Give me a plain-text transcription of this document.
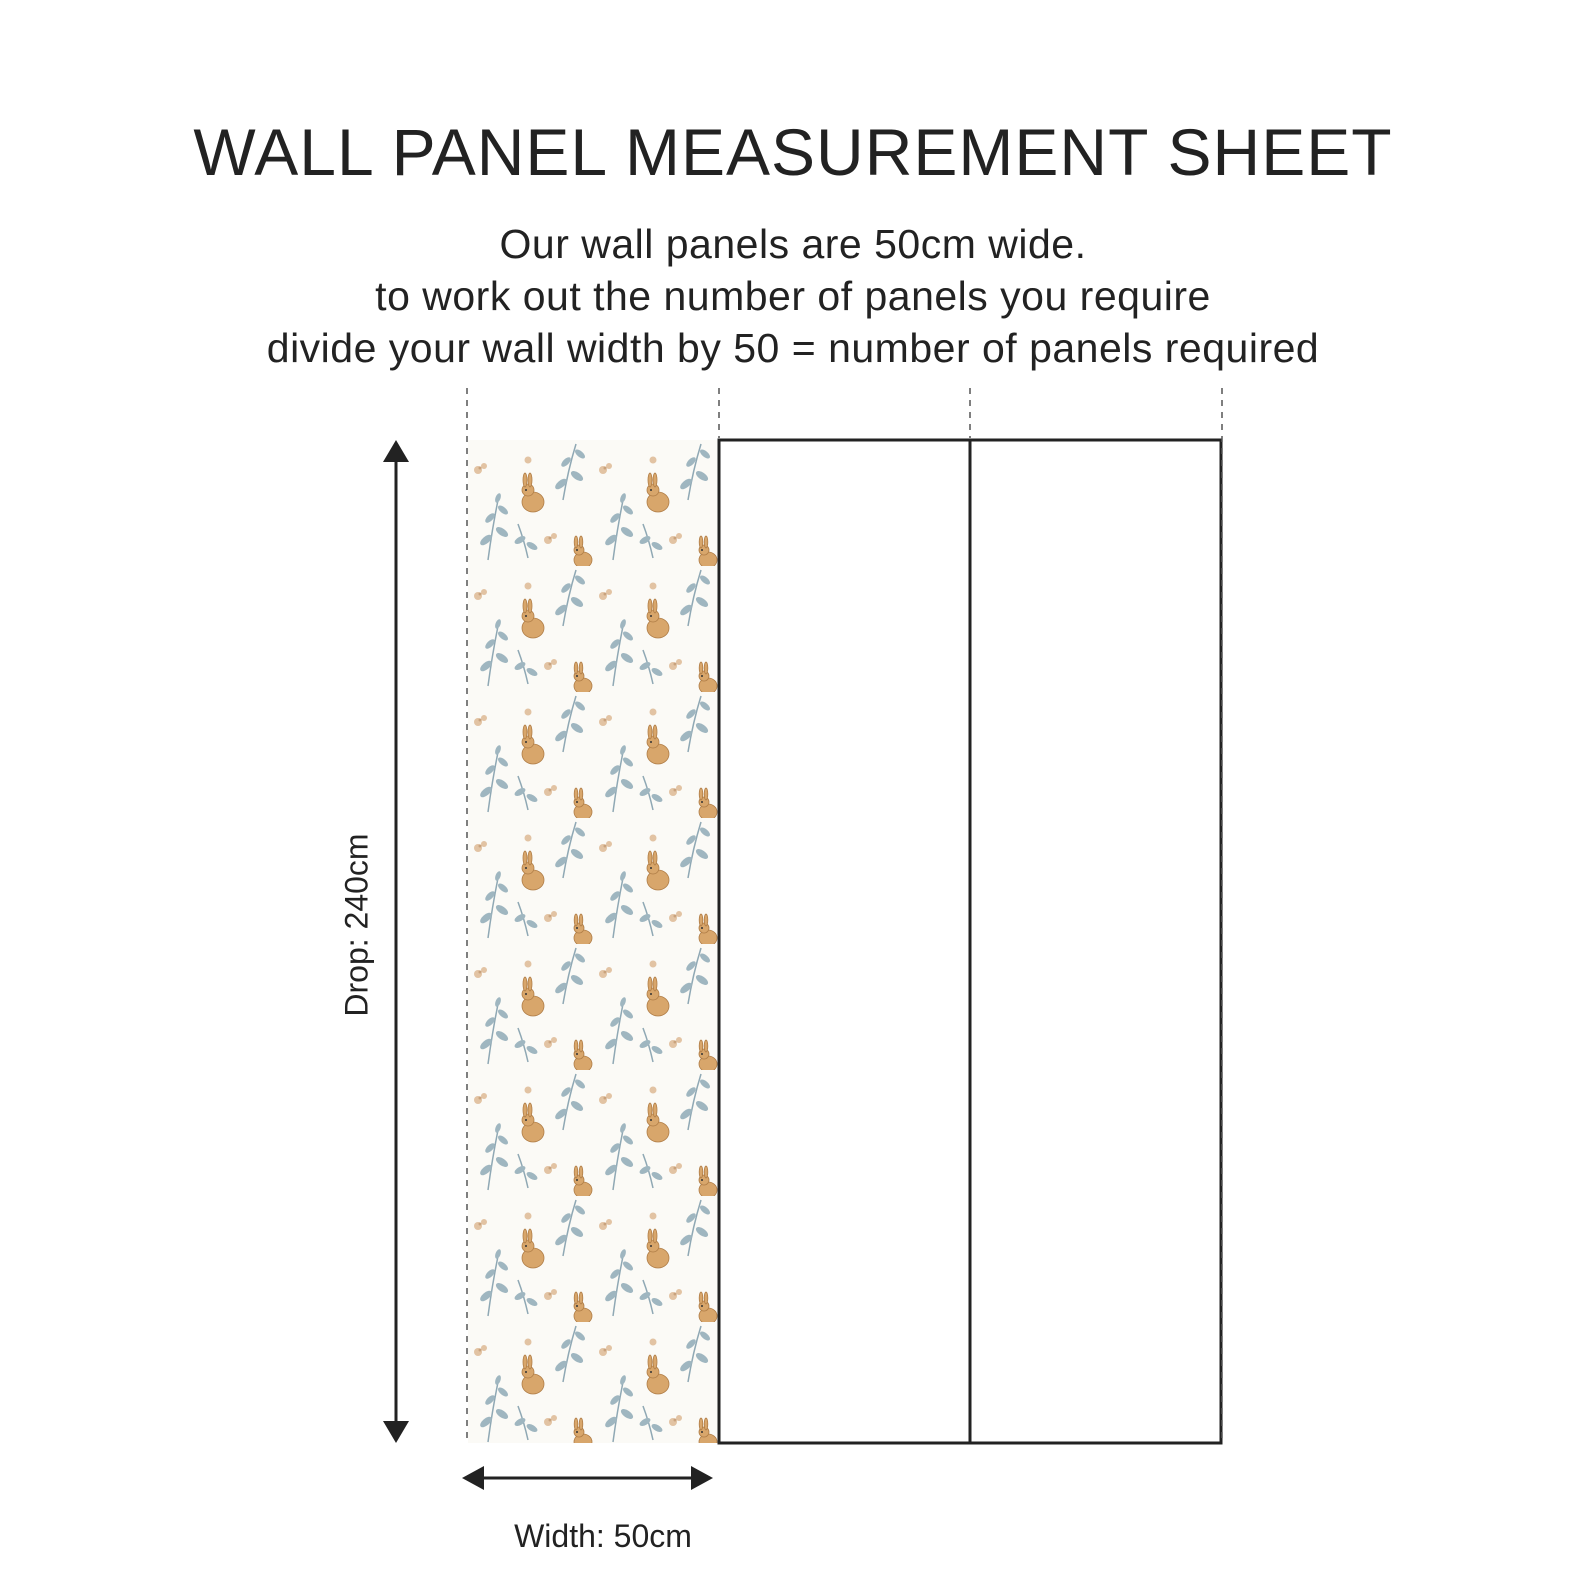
WALL PANEL MEASUREMENT SHEET
Our wall panels are 50cm wide.
to work out the number of panels you require
divide your wall width by 50 = number of panels required
Drop: 240cm
Width: 50cm
